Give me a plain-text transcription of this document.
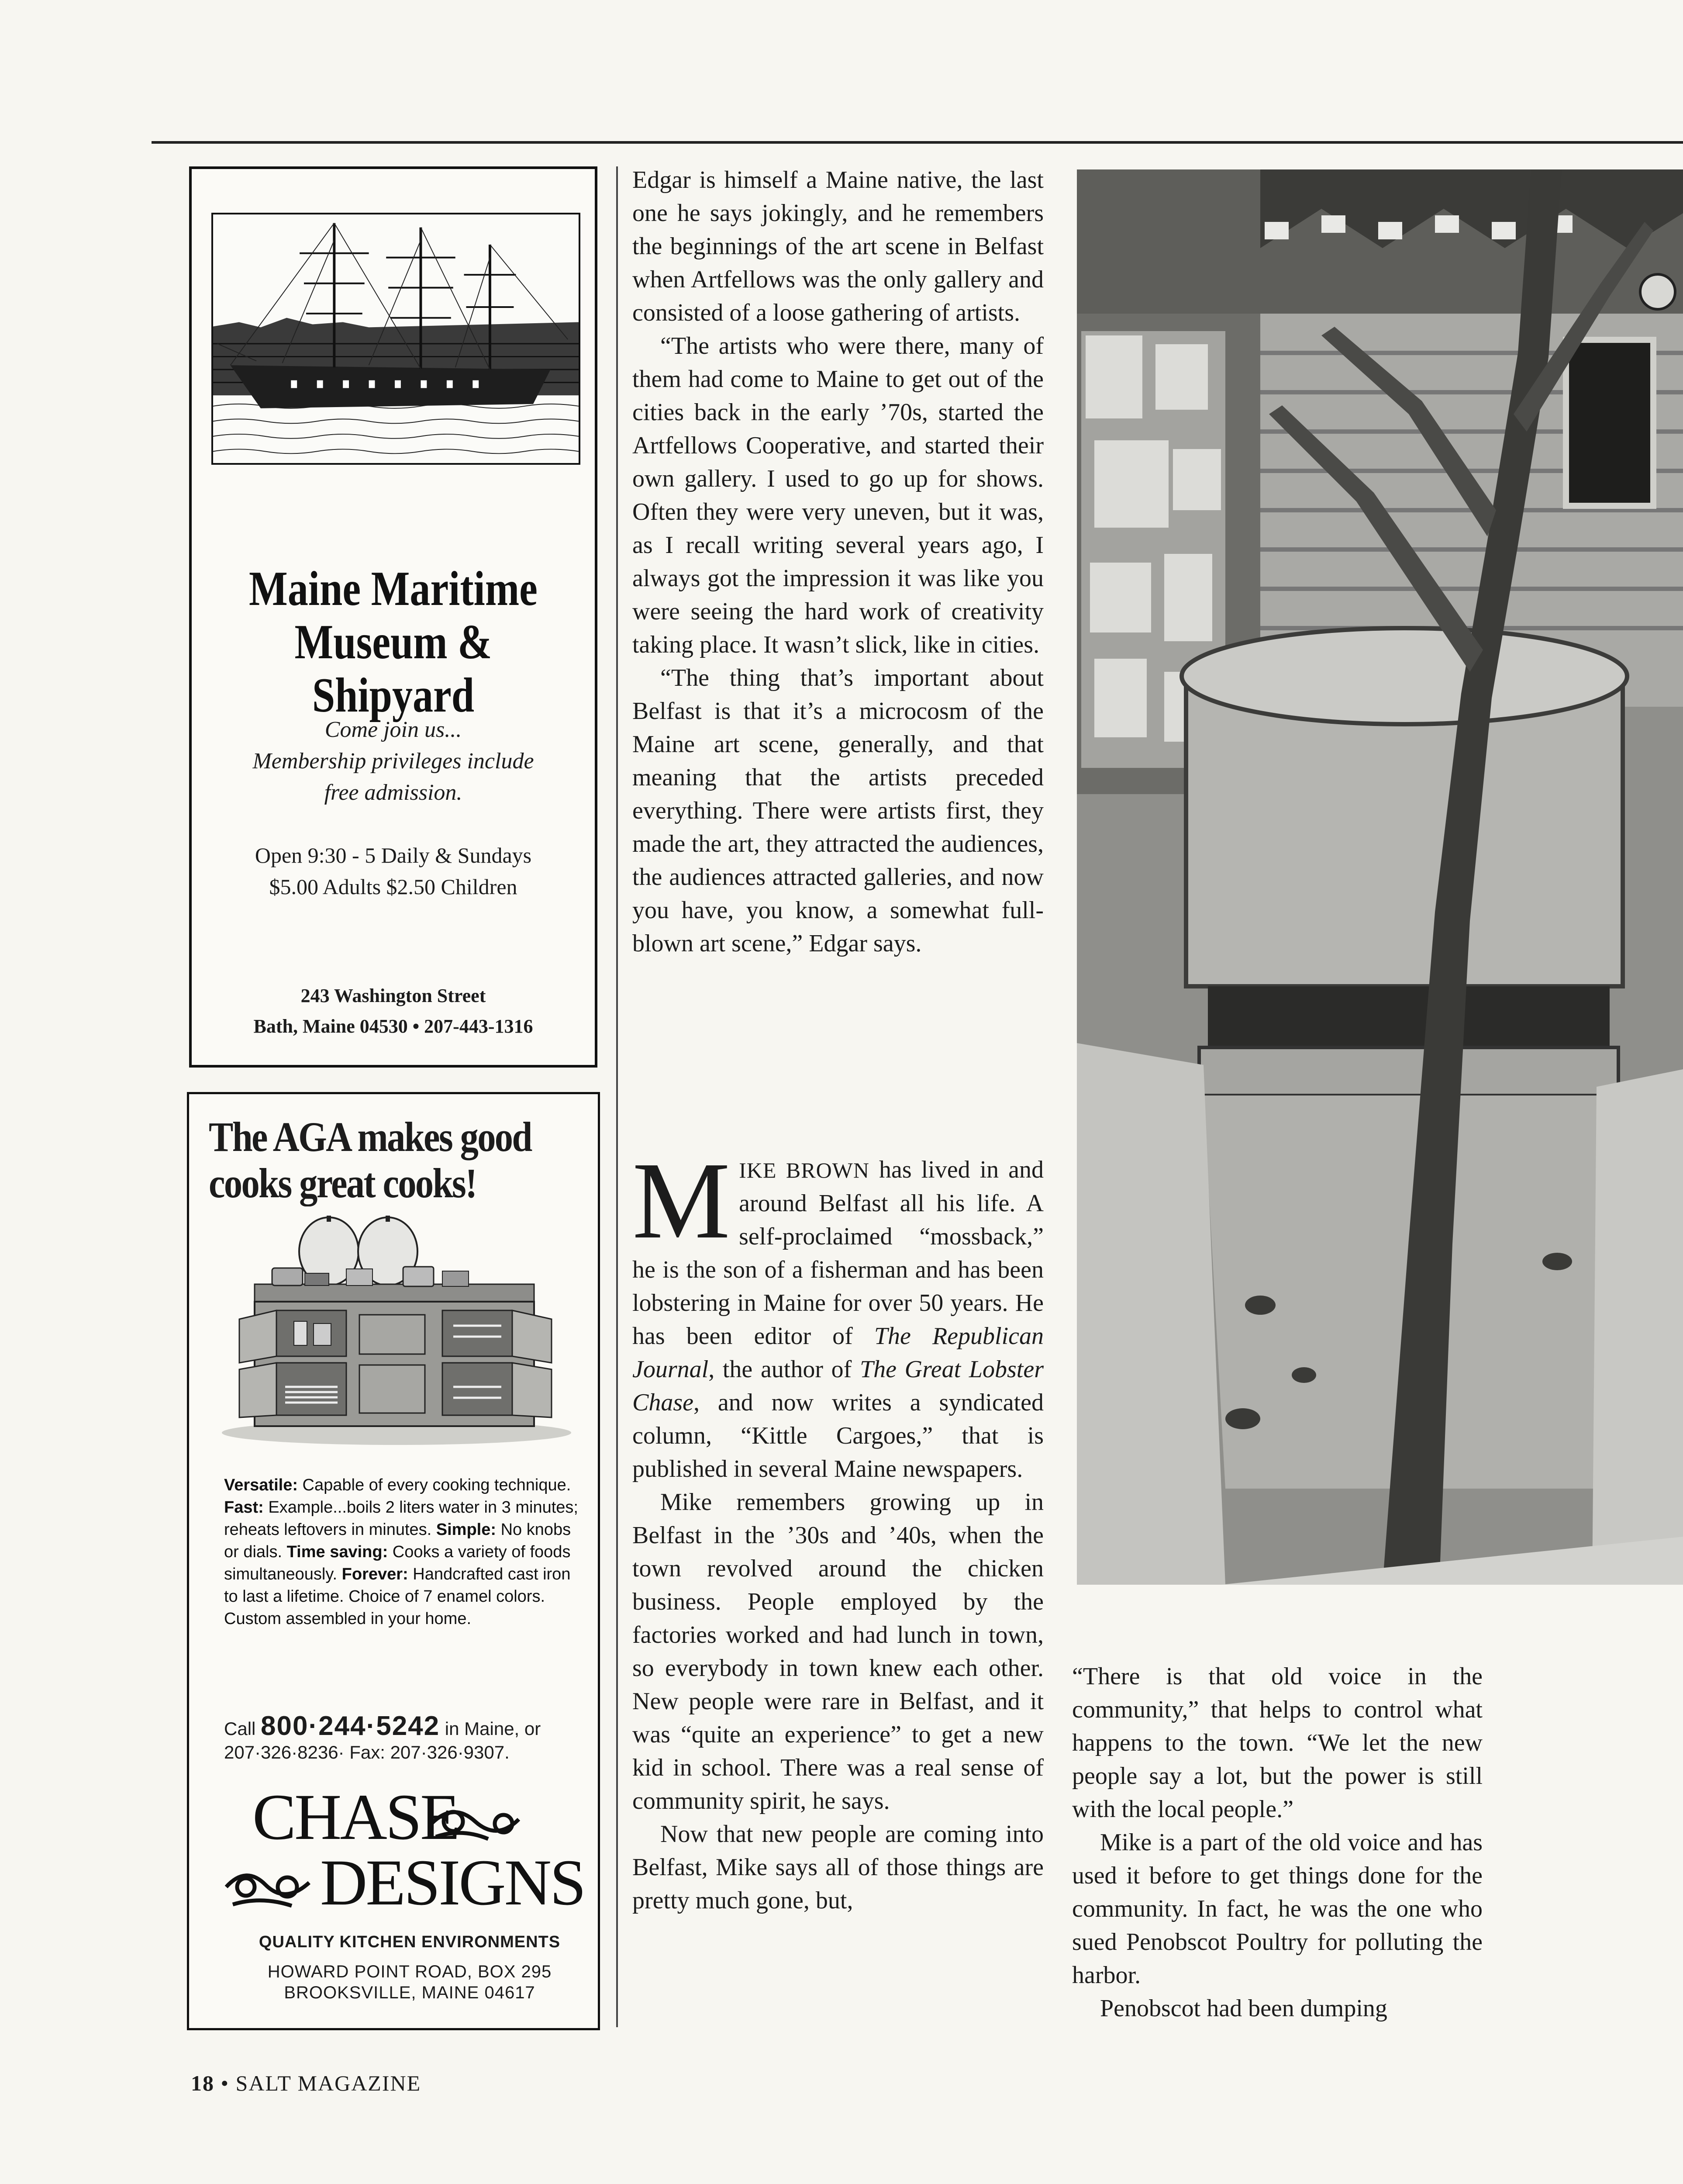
Maine Maritime
Museum & Shipyard
Come join us...
Membership privileges include
free admission.
Open 9:30 - 5 Daily & Sundays
$5.00 Adults $2.50 Children
243 Washington Street
Bath, Maine 04530 • 207-443-1316
The AGA makes good
cooks great cooks!
Versatile: Capable of every cooking technique. Fast: Example...boils 2 liters water in 3 minutes; reheats leftovers in minutes. Simple: No knobs or dials. Time saving: Cooks a variety of foods simultaneously. Forever: Handcrafted cast iron to last a lifetime. Choice of 7 enamel colors. Custom assembled in your home.
Call 800·244·5242 in Maine, or
207·326·8236· Fax: 207·326·9307.
CHASE
DESIGNS
QUALITY KITCHEN ENVIRONMENTS
HOWARD POINT ROAD, BOX 295
BROOKSVILLE, MAINE 04617

Edgar is himself a Maine native, the last one he says jokingly, and he remembers the beginnings of the art scene in Belfast when Artfellows was the only gallery and consisted of a loose gathering of artists.

“The artists who were there, many of them had come to Maine to get out of the cities back in the early ’70s, started the Artfellows Cooperative, and started their own gallery. I used to go up for shows. Often they were very uneven, but it was, as I recall writing several years ago, I always got the impression it was like you were seeing the hard work of creativity taking place. It wasn’t slick, like in cities.

“The thing that’s important about Belfast is that it’s a microcosm of the Maine art scene, generally, and that meaning that the artists preceded everything. There were artists first, they made the art, they attracted the audiences, the audiences attracted galleries, and now you have, you know, a somewhat full-blown art scene,” Edgar says.

MIKE BROWN has lived in and around Belfast all his life. A self-proclaimed “mossback,” he is the son of a fisherman and has been lobstering in Maine for over 50 years. He has been editor of The Republican Journal, the author of The Great Lobster Chase, and now writes a syndicated column, “Kittle Cargoes,” that is published in several Maine newspapers.

Mike remembers growing up in Belfast in the ’30s and ’40s, when the town revolved around the chicken business. People employed by the factories worked and had lunch in town, so everybody in town knew each other. New people were rare in Belfast, and it was “quite an experience” to get a new kid in school. There was a real sense of community spirit, he says.

Now that new people are coming into Belfast, Mike says all of those things are pretty much gone, but,

“There is that old voice in the community,” that helps to control what happens to the town. “We let the new people say a lot, but the power is still with the local people.”

Mike is a part of the old voice and has used it before to get things done for the community. In fact, he was the one who sued Penobscot Poultry for polluting the harbor.

Penobscot had been dumping

18 • SALT MAGAZINE
